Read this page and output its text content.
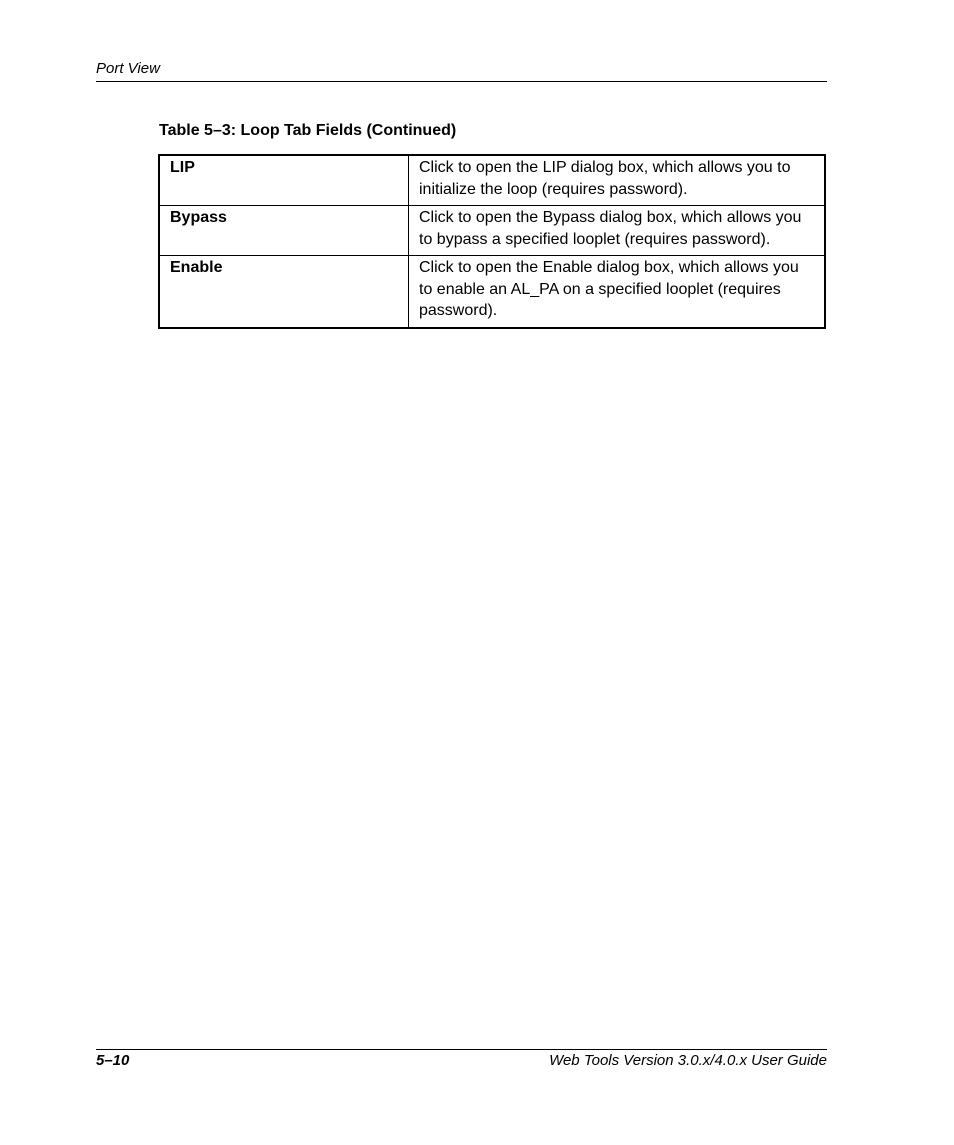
Port View
Table 5–3: Loop Tab Fields (Continued)
LIP	Click to open the LIP dialog box, which allows you to initialize the loop (requires password).
Bypass	Click to open the Bypass dialog box, which allows you to bypass a specified looplet (requires password).
Enable	Click to open the Enable dialog box, which allows you to enable an AL_PA on a specified looplet (requires password).
5–10	Web Tools Version 3.0.x/4.0.x User Guide
